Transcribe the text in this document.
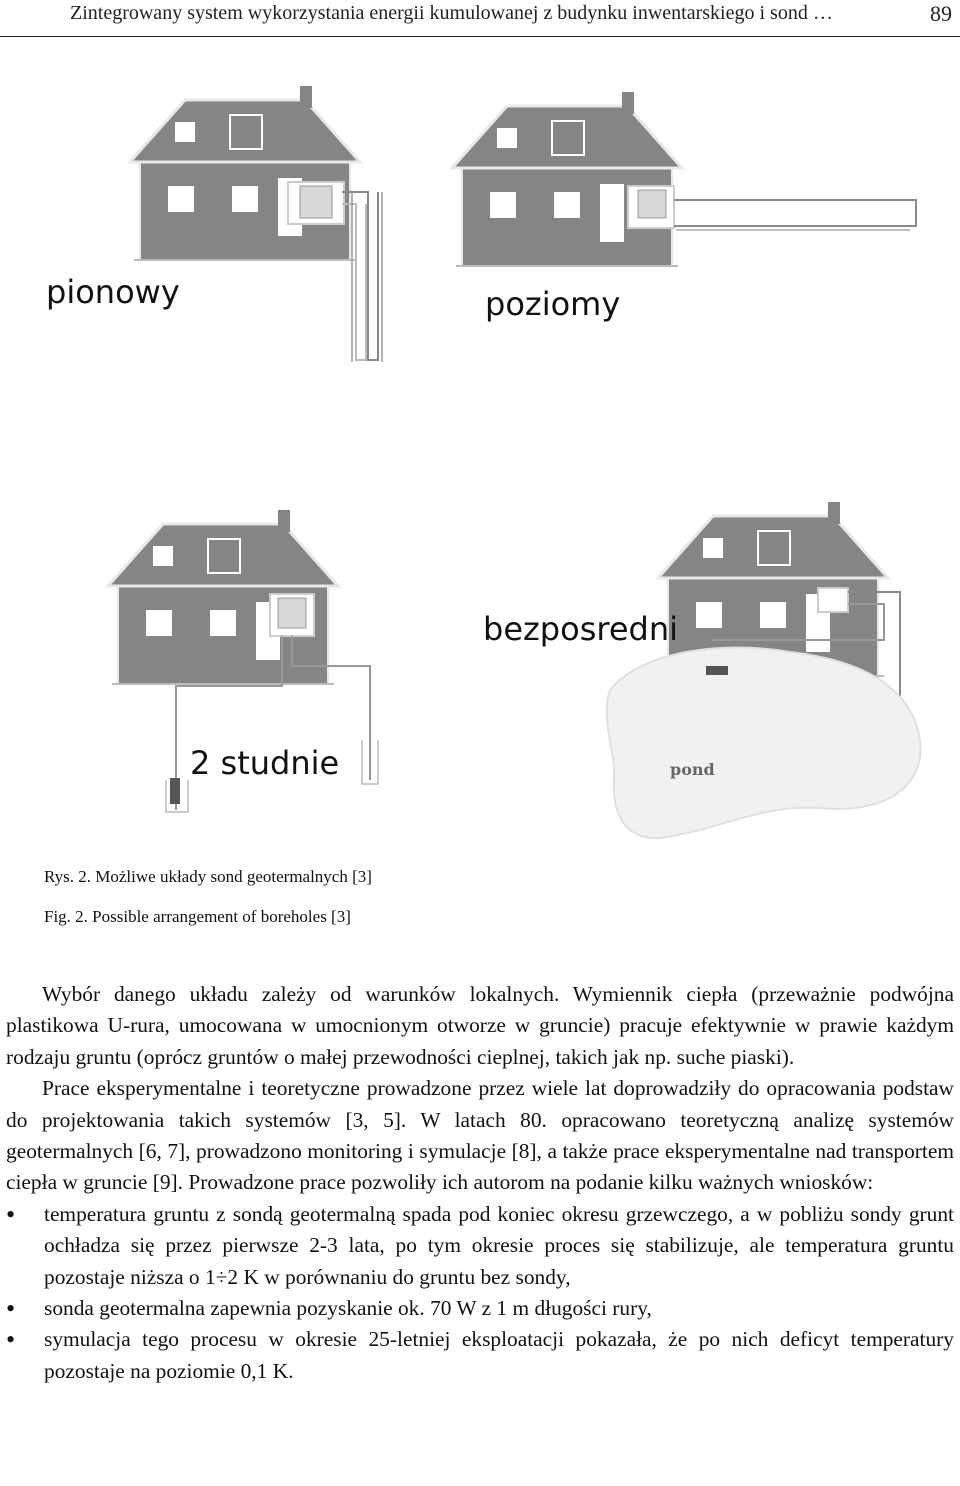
Zintegrowany system wykorzystania energii kumulowanej z budynku inwentarskiego i sond …	89
pionowy	poziomy
pond
bezposredni
2 studnie
Rys. 2. Możliwe układy sond geotermalnych [3]
Fig. 2. Possible arrangement of boreholes [3]

Wybór danego układu zależy od warunków lokalnych. Wymiennik ciepła (przeważnie podwójna plastikowa U-rura, umocowana w umocnionym otworze w gruncie) pracuje efektywnie w prawie każdym rodzaju gruntu (oprócz gruntów o małej przewodności cieplnej, takich jak np. suche piaski).

Prace eksperymentalne i teoretyczne prowadzone przez wiele lat doprowadziły do opracowania podstaw do projektowania takich systemów [3, 5]. W latach 80. opracowano teoretyczną analizę systemów geotermalnych [6, 7], prowadzono monitoring i symulacje [8], a także prace eksperymentalne nad transportem ciepła w gruncie [9]. Prowadzone prace pozwoliły ich autorom na podanie kilku ważnych wniosków:

• temperatura gruntu z sondą geotermalną spada pod koniec okresu grzewczego, a w pobliżu sondy grunt ochładza się przez pierwsze 2-3 lata, po tym okresie proces się stabilizuje, ale temperatura gruntu pozostaje niższa o 1÷2 K w porównaniu do gruntu bez sondy,
• sonda geotermalna zapewnia pozyskanie ok. 70 W z 1 m długości rury,
• symulacja tego procesu w okresie 25-letniej eksploatacji pokazała, że po nich deficyt temperatury pozostaje na poziomie 0,1 K.
